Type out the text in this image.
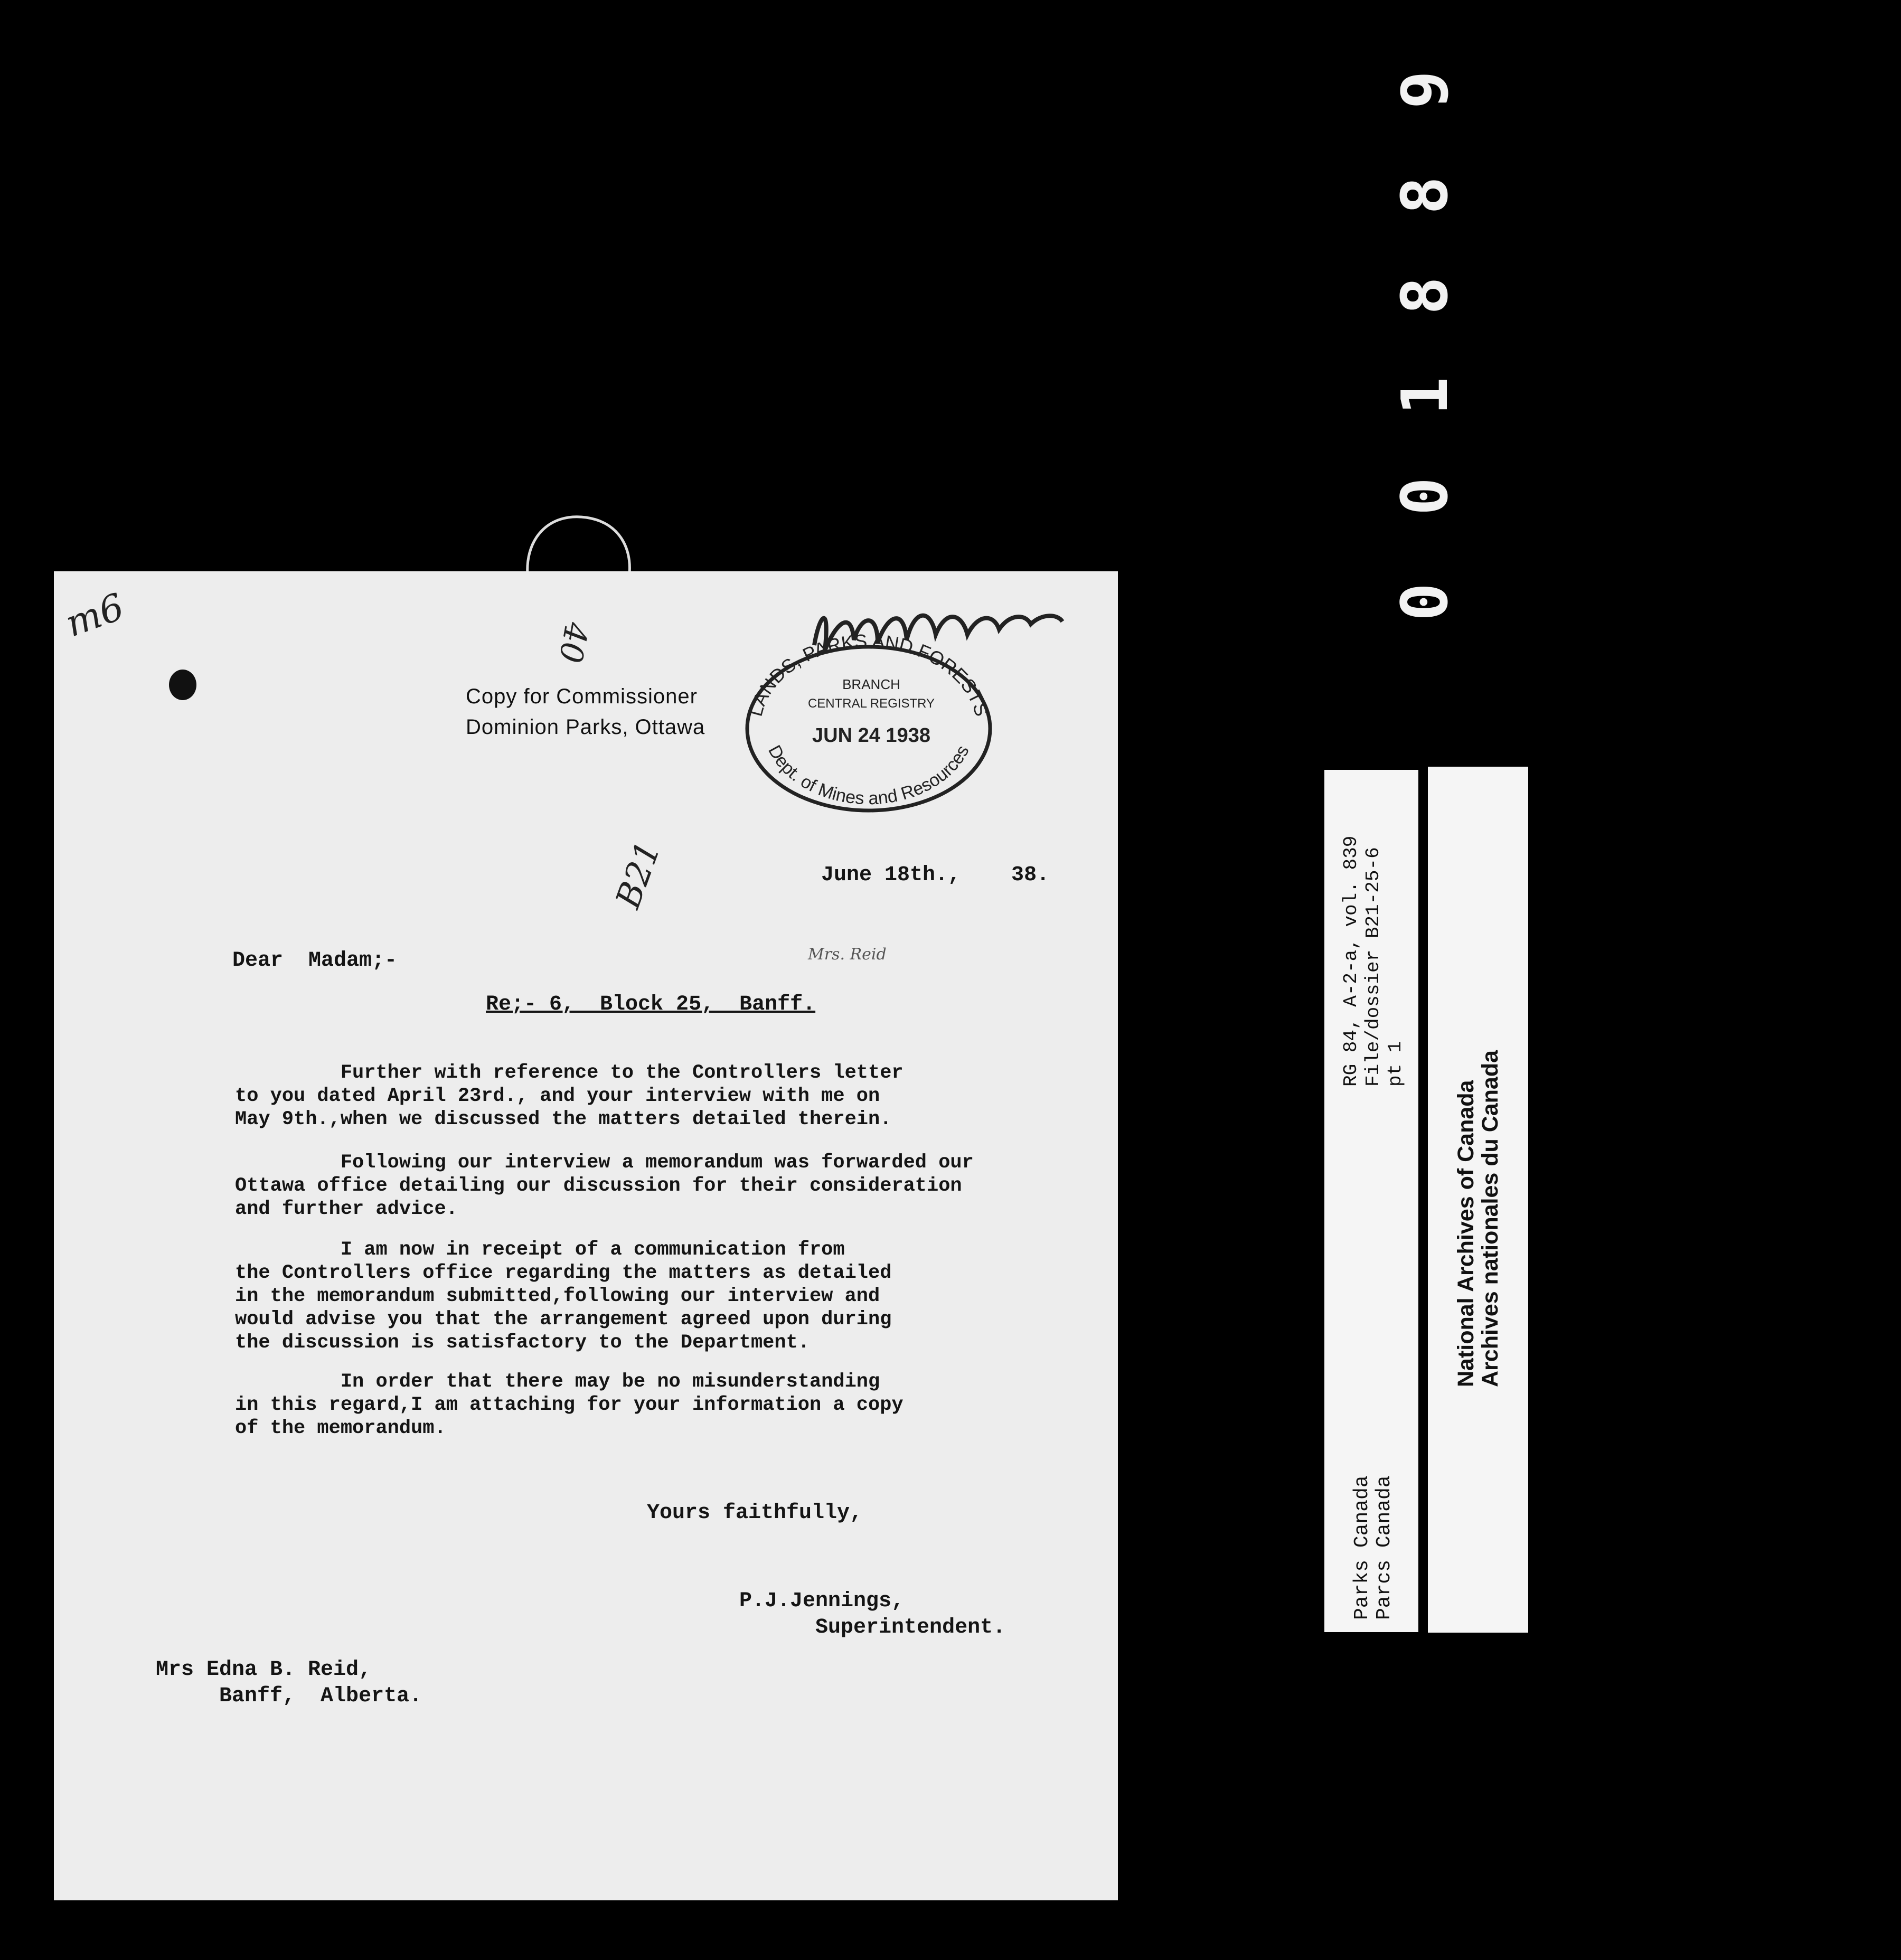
9
8
8
1
0
0
m6	40
Copy for Commissioner
Dominion Parks, Ottawa
LANDS, PARKS AND FORESTS
Dept. of Mines and Resources
BRANCH
CENTRAL REGISTRY
JUN 24 1938
B21	June 18th.,    38.
Dear  Madam;-	Mrs. Reid
Re;- 6,  Block 25,  Banff.
Further with reference to the Controllers letter
to you dated April 23rd., and your interview with me on
May 9th.,when we discussed the matters detailed therein.
Following our interview a memorandum was forwarded our
Ottawa office detailing our discussion for their consideration
and further advice.
I am now in receipt of a communication from
the Controllers office regarding the matters as detailed
in the memorandum submitted,following our interview and
would advise you that the arrangement agreed upon during
the discussion is satisfactory to the Department.
In order that there may be no misunderstanding
in this regard,I am attaching for your information a copy
of the memorandum.
Yours faithfully,
P.J.Jennings,
Superintendent.
Mrs Edna B. Reid,
Banff,  Alberta.
RG 84, A-2-a, vol. 839 File/dossier B21-25-6 pt 1
Parks Canada Parcs Canada
National Archives of Canada
Archives nationales du Canada
